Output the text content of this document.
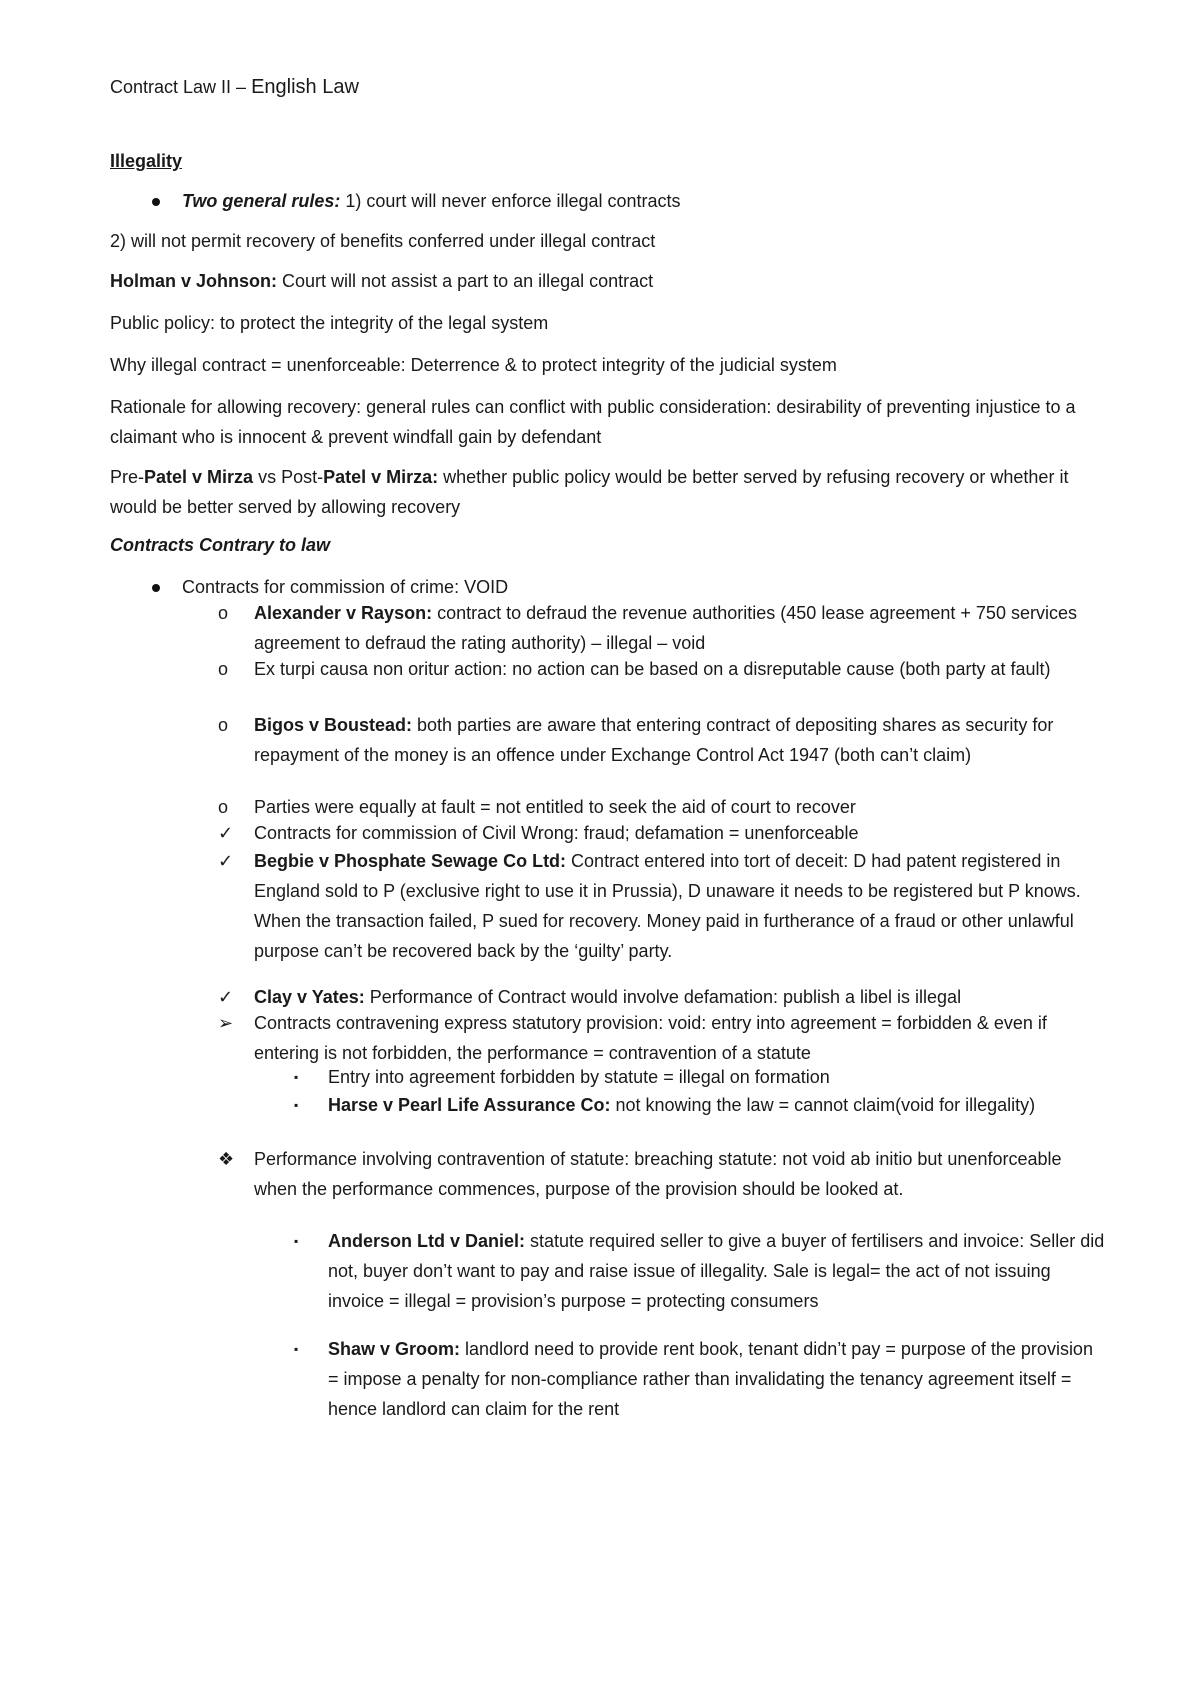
Contract Law II – English Law
Illegality
Two general rules: 1) court will never enforce illegal contracts
2) will not permit recovery of benefits conferred under illegal contract
Holman v Johnson: Court will not assist a part to an illegal contract
Public policy: to protect the integrity of the legal system
Why illegal contract = unenforceable: Deterrence & to protect integrity of the judicial system
Rationale for allowing recovery: general rules can conflict with public consideration: desirability of preventing injustice to a claimant who is innocent & prevent windfall gain by defendant
Pre-Patel v Mirza vs Post-Patel v Mirza: whether public policy would be better served by refusing recovery or whether it would be better served by allowing recovery
Contracts Contrary to law
Contracts for commission of crime: VOID
o Alexander v Rayson: contract to defraud the revenue authorities (450 lease agreement + 750 services agreement to defraud the rating authority) – illegal – void
o Ex turpi causa non oritur action: no action can be based on a disreputable cause (both party at fault)
o Bigos v Boustead: both parties are aware that entering contract of depositing shares as security for repayment of the money is an offence under Exchange Control Act 1947 (both can’t claim)
o Parties were equally at fault = not entitled to seek the aid of court to recover
✓ Contracts for commission of Civil Wrong: fraud; defamation = unenforceable
✓ Begbie v Phosphate Sewage Co Ltd: Contract entered into tort of deceit: D had patent registered in England sold to P (exclusive right to use it in Prussia), D unaware it needs to be registered but P knows. When the transaction failed, P sued for recovery. Money paid in furtherance of a fraud or other unlawful purpose can’t be recovered back by the ‘guilty’ party.
✓ Clay v Yates: Performance of Contract would involve defamation: publish a libel is illegal
➢ Contracts contravening express statutory provision: void: entry into agreement = forbidden & even if entering is not forbidden, the performance = contravention of a statute
▪ Entry into agreement forbidden by statute = illegal on formation
▪ Harse v Pearl Life Assurance Co: not knowing the law = cannot claim(void for illegality)
❖ Performance involving contravention of statute: breaching statute: not void ab initio but unenforceable when the performance commences, purpose of the provision should be looked at.
▪ Anderson Ltd v Daniel: statute required seller to give a buyer of fertilisers and invoice: Seller did not, buyer don’t want to pay and raise issue of illegality. Sale is legal= the act of not issuing invoice = illegal = provision’s purpose = protecting consumers
▪ Shaw v Groom: landlord need to provide rent book, tenant didn’t pay = purpose of the provision = impose a penalty for non-compliance rather than invalidating the tenancy agreement itself = hence landlord can claim for the rent
